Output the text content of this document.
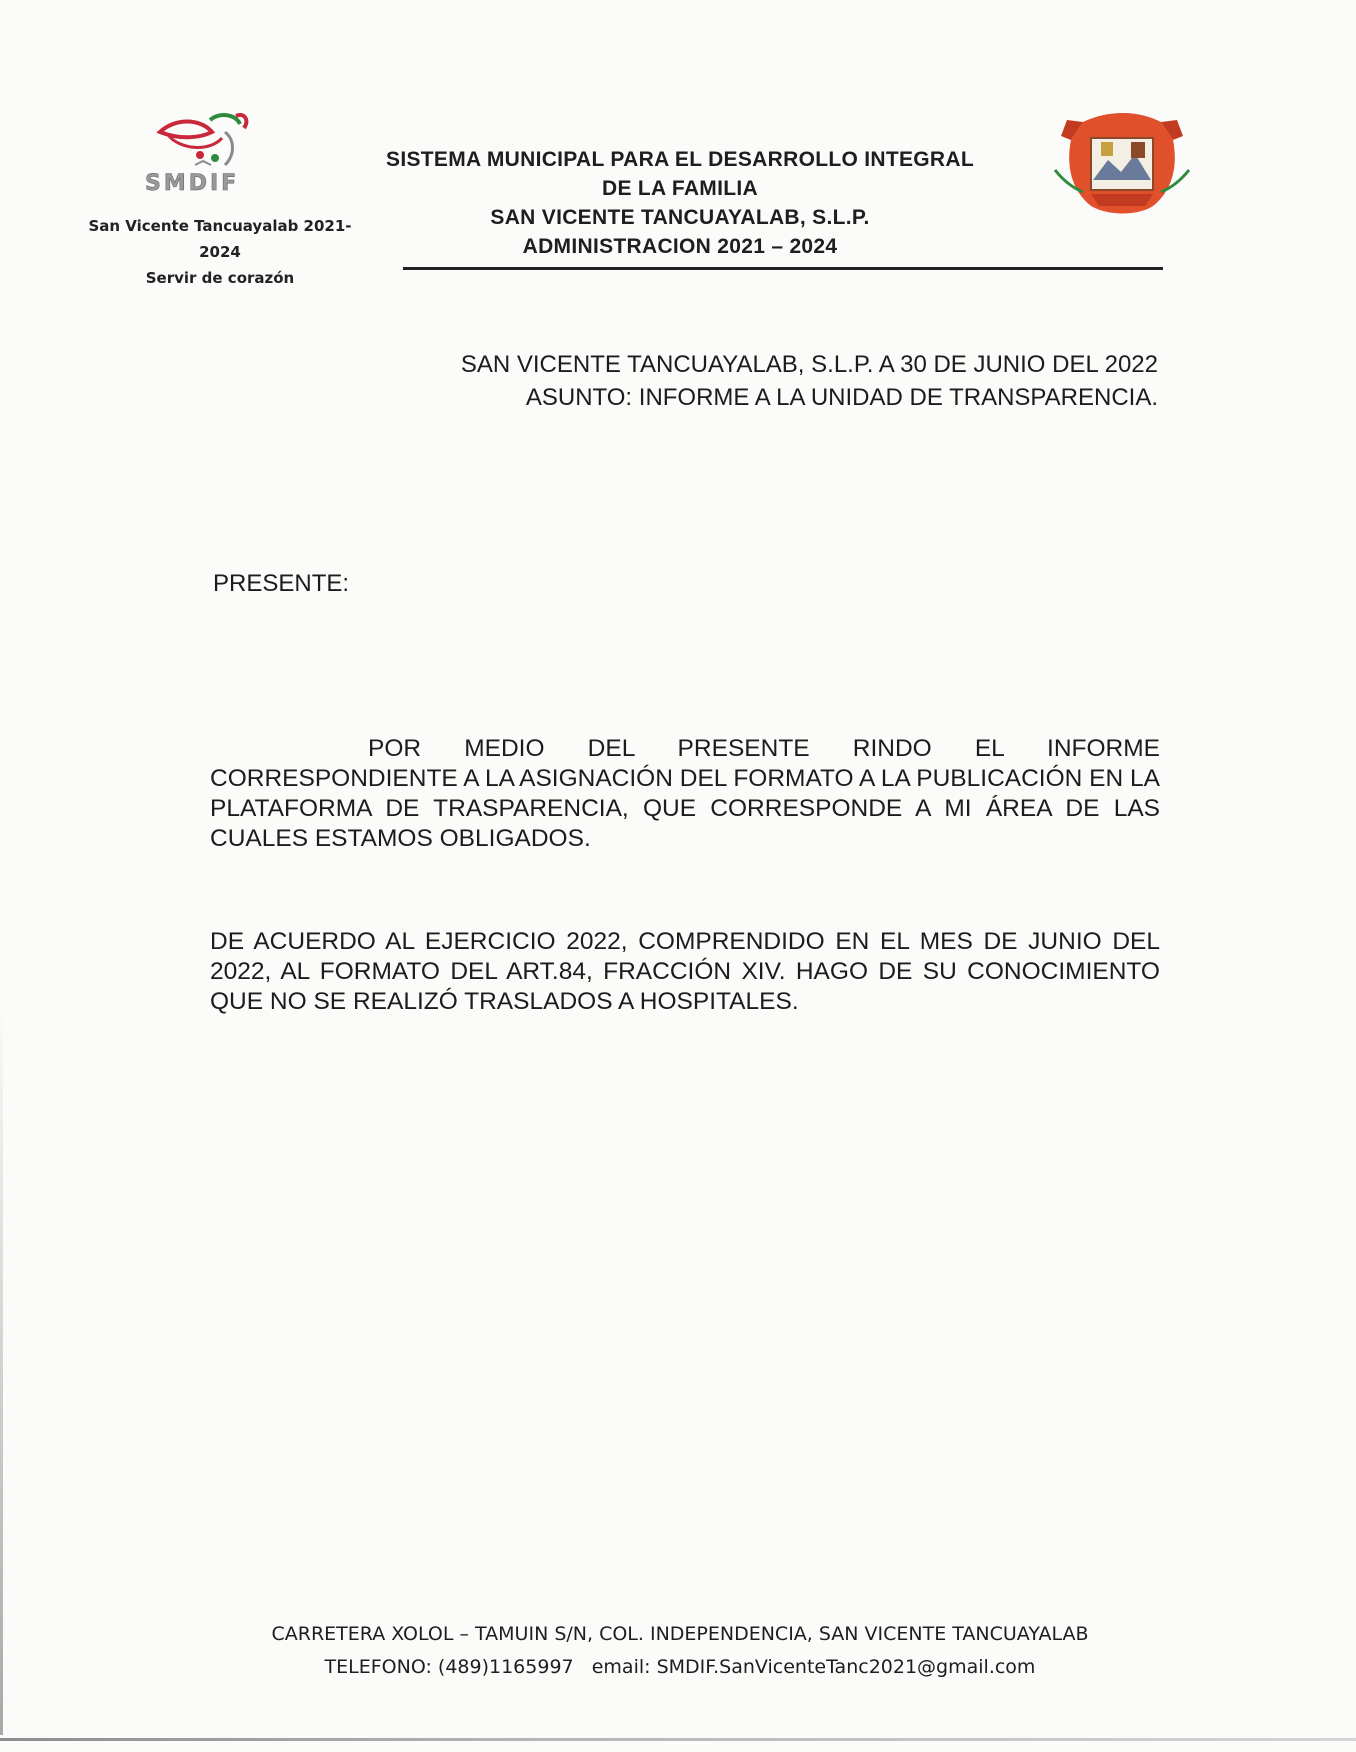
SMDIF
San Vicente Tancuayalab 2021-2024
Servir de corazón
SISTEMA MUNICIPAL PARA EL DESARROLLO INTEGRAL
DE LA FAMILIA
SAN VICENTE TANCUAYALAB, S.L.P.
ADMINISTRACION 2021 – 2024
SAN VICENTE TANCUAYALAB, S.L.P. A 30 DE JUNIO DEL 2022
ASUNTO: INFORME A LA UNIDAD DE TRANSPARENCIA.
PRESENTE:
POR MEDIO DEL PRESENTE RINDO EL INFORME CORRESPONDIENTE A LA ASIGNACIÓN DEL FORMATO A LA PUBLICACIÓN EN LA PLATAFORMA DE TRASPARENCIA, QUE CORRESPONDE A MI ÁREA DE LAS CUALES ESTAMOS OBLIGADOS.
DE ACUERDO AL EJERCICIO 2022, COMPRENDIDO EN EL MES DE JUNIO DEL 2022, AL FORMATO DEL ART.84, FRACCIÓN XIV. HAGO DE SU CONOCIMIENTO QUE NO SE REALIZÓ TRASLADOS A HOSPITALES.
CARRETERA XOLOL – TAMUIN S/N, COL. INDEPENDENCIA, SAN VICENTE TANCUAYALAB
TELEFONO: (489)1165997   email: SMDIF.SanVicenteTanc2021@gmail.com
